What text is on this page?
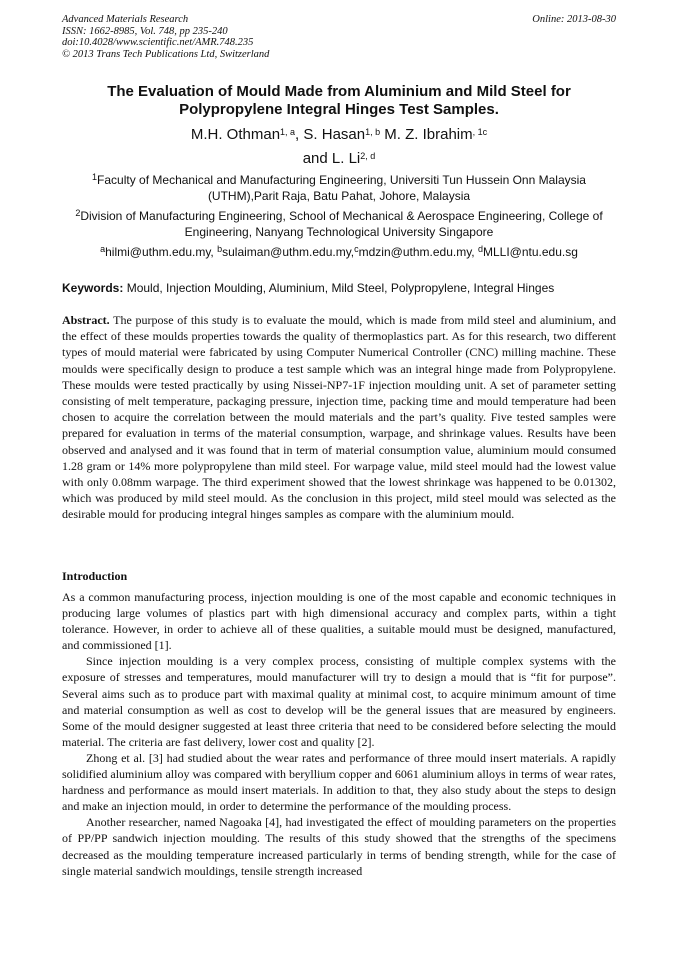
Advanced Materials Research
ISSN: 1662-8985, Vol. 748, pp 235-240
doi:10.4028/www.scientific.net/AMR.748.235
© 2013 Trans Tech Publications Ltd, Switzerland
Online: 2013-08-30
The Evaluation of Mould Made from Aluminium and Mild Steel for
Polypropylene Integral Hinges Test Samples.
M.H. Othman$^{1, a}$, S. Hasan$^{1, b}$ M. Z. Ibrahim$^{, 1c}$
and L. Li$^{2, d}$
$^1$Faculty of Mechanical and Manufacturing Engineering, Universiti Tun Hussein Onn Malaysia (UTHM),Parit Raja, Batu Pahat, Johore, Malaysia
$^2$Division of Manufacturing Engineering, School of Mechanical & Aerospace Engineering, College of Engineering, Nanyang Technological University Singapore
$^a$hilmi@uthm.edu.my, $^b$sulaiman@uthm.edu.my,$^c$mdzin@uthm.edu.my, $^d$MLLI@ntu.edu.sg
Keywords: Mould, Injection Moulding, Aluminium, Mild Steel, Polypropylene, Integral Hinges
Abstract. The purpose of this study is to evaluate the mould, which is made from mild steel and aluminium, and the effect of these moulds properties towards the quality of thermoplastics part. As for this research, two different types of mould material were fabricated by using Computer Numerical Controller (CNC) milling machine. These moulds were specifically design to produce a test sample which was an integral hinge made from Polypropylene. These moulds were tested practically by using Nissei-NP7-1F injection moulding unit. A set of parameter setting consisting of melt temperature, packaging pressure, injection time, packing time and mould temperature had been chosen to acquire the correlation between the mould materials and the part’s quality. Five tested samples were prepared for evaluation in terms of the material consumption, warpage, and shrinkage values. Results have been observed and analysed and it was found that in term of material consumption value, aluminium mould consumed 1.28 gram or 14% more polypropylene than mild steel. For warpage value, mild steel mould had the lowest value with only 0.08mm warpage. The third experiment showed that the lowest shrinkage was happened to be 0.01302, which was produced by mild steel mould. As the conclusion in this project, mild steel mould was selected as the desirable mould for producing integral hinges samples as compare with the aluminium mould.
Introduction

As a common manufacturing process, injection moulding is one of the most capable and economic techniques in producing large volumes of plastics part with high dimensional accuracy and complex parts, within a tight tolerance. However, in order to achieve all of these qualities, a suitable mould must be designed, manufactured, and commissioned [1].

Since injection moulding is a very complex process, consisting of multiple complex systems with the exposure of stresses and temperatures, mould manufacturer will try to design a mould that is “fit for purpose”. Several aims such as to produce part with maximal quality at minimal cost, to acquire minimum amount of time and material consumption as well as cost to develop will be the general issues that are measured by engineers. Some of the mould designer suggested at least three criteria that need to be considered before selecting the mould material. The criteria are fast delivery, lower cost and quality [2].

Zhong et al. [3] had studied about the wear rates and performance of three mould insert materials. A rapidly solidified aluminium alloy was compared with beryllium copper and 6061 aluminium alloys in terms of wear rates, hardness and performance as mould insert materials. In addition to that, they also study about the steps to design and make an injection mould, in order to determine the performance of the moulding process.

Another researcher, named Nagoaka [4], had investigated the effect of moulding parameters on the properties of PP/PP sandwich injection moulding. The results of this study showed that the strengths of the specimens decreased as the moulding temperature increased particularly in terms of bending strength, while for the case of single material sandwich mouldings, tensile strength increased
